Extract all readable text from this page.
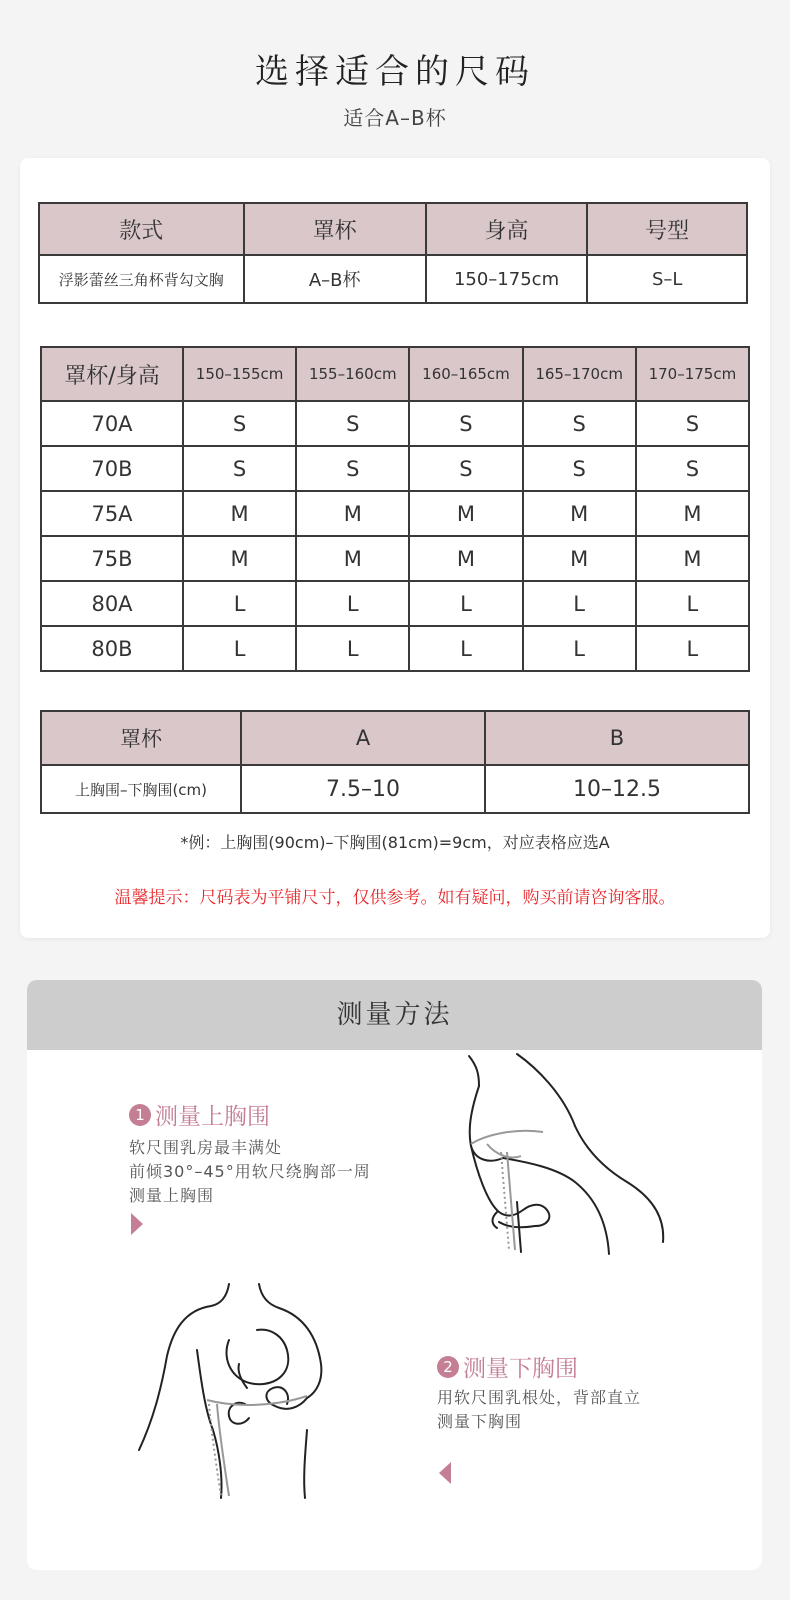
选择适合的尺码
适合A–B杯
款式	罩杯	身高	号型
浮影蕾丝三角杯背勾文胸	A–B杯	150–175cm	S–L
罩杯/身高	150–155cm	155–160cm	160–165cm	165–170cm	170–175cm
70A	S	S	S	S	S
70B	S	S	S	S	S
75A	M	M	M	M	M
75B	M	M	M	M	M
80A	L	L	L	L	L
80B	L	L	L	L	L
罩杯	A	B
上胸围–下胸围(cm)	7.5–10	10–12.5
*例：上胸围(90cm)–下胸围(81cm)=9cm，对应表格应选A
温馨提示：尺码表为平铺尺寸，仅供参考。如有疑问，购买前请咨询客服。
测量方法
1 测量上胸围
软尺围乳房最丰满处
前倾30°–45°用软尺绕胸部一周
测量上胸围
2 测量下胸围
用软尺围乳根处，背部直立
测量下胸围
